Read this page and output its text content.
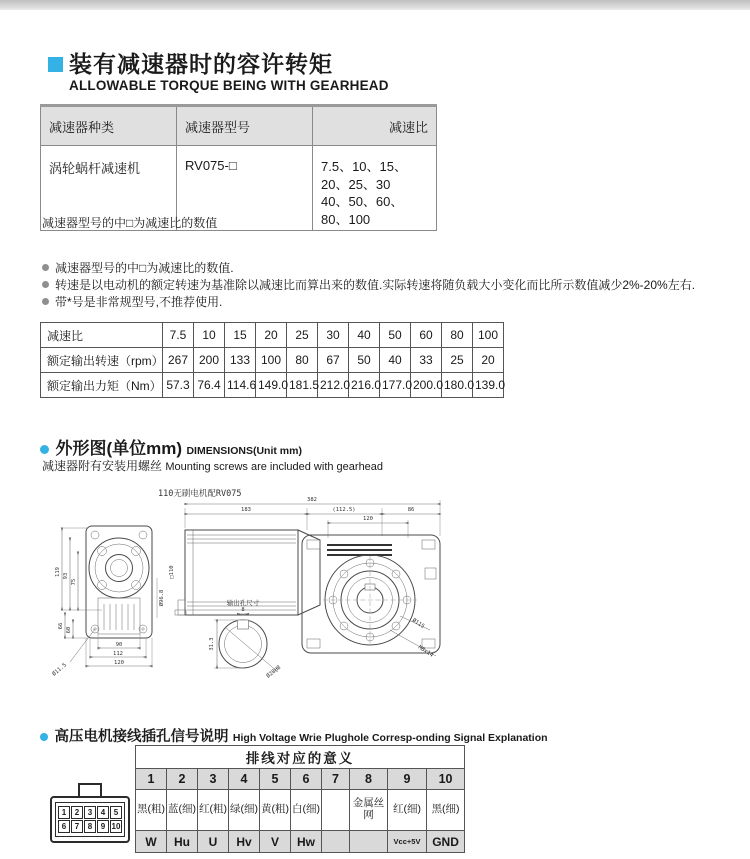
装有减速器时的容许转矩
ALLOWABLE TORQUE BEING WITH GEARHEAD
减速器种类	减速器型号	减速比
涡轮蜗杆减速机	RV075-□	7.5、10、15、20、25、30
40、50、60、80、100
减速器型号的中□为减速比的数值
减速器型号的中□为减速比的数值.
转速是以电动机的额定转速为基准除以减速比而算出来的数值.实际转速将随负载大小变化而比所示数值减少2%-20%左右.
带*号是非常规型号,不推荐使用.
减速比	7.5	10	15	20	25	30	40	50	60	80	100
额定输出转速（rpm）	267	200	133	100	80	67	50	40	33	25	20
额定输出力矩（Nm）	57.3	76.4	114.6	149.0	181.5	212.0	216.0	177.0	200.0	180.0	139.0
外形图(单位mm) DIMENSIONS(Unit mm)
减速器附有安装用螺丝 Mounting screws are included with gearhead
110无刷电机配RV075
119 93
75
66
60
90
112
120
Ø11.5
Ø96.8
□110
382
183	(112.5)	86
120
输出孔尺寸
8
31.3
Ø28H8
Ø115
M8x14
高压电机接线插孔信号说明 High Voltage Wrie Plughole Corresp-onding Signal Explanation
1	2	3	4	5
6	7	8	9 10
排线对应的意义									
1	2	3	4	5	6	7	8	9	10
黑(粗)	蓝(细)	红(粗)	绿(细)	黄(粗)	白(细)		金属丝网	红(细)	黑(细)
W	Hu	U	Hv	V	Hw			Vcc+5V	GND
